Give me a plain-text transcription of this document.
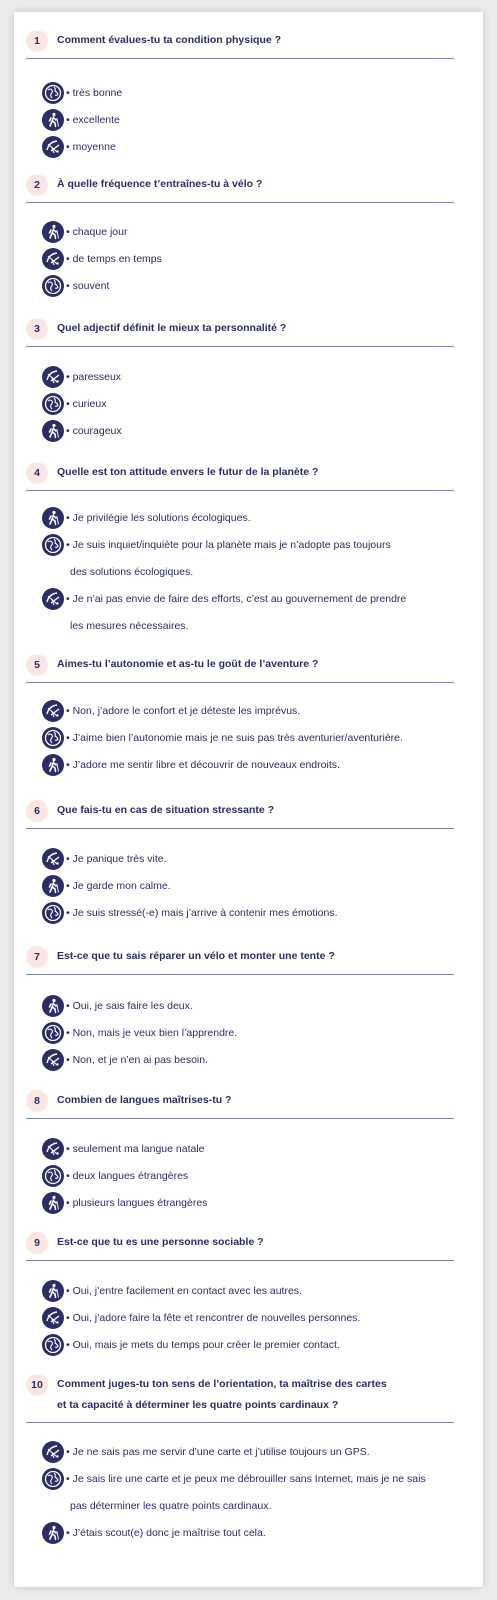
1	Comment évalues-tu ta condition physique ?
• très bonne
• excellente
• moyenne
2	À quelle fréquence t’entraînes-tu à vélo ?
• chaque jour
• de temps en temps
• souvent
3	Quel adjectif définit le mieux ta personnalité ?
• paresseux
• curieux
• courageux
4	Quelle est ton attitude envers le futur de la planète ?
• Je privilégie les solutions écologiques.
• Je suis inquiet/inquiète pour la planète mais je n’adopte pas toujours
des solutions écologiques.
• Je n’ai pas envie de faire des efforts, c’est au gouvernement de prendre
les mesures nécessaires.
5	Aimes-tu l’autonomie et as-tu le goût de l’aventure ?
• Non, j’adore le confort et je déteste les imprévus.
• J’aime bien l’autonomie mais je ne suis pas très aventurier/aventurière.
• J’adore me sentir libre et découvrir de nouveaux endroits.
6	Que fais-tu en cas de situation stressante ?
• Je panique très vite.
• Je garde mon calme.
• Je suis stressé(-e) mais j’arrive à contenir mes émotions.
7	Est-ce que tu sais réparer un vélo et monter une tente ?
• Oui, je sais faire les deux.
• Non, mais je veux bien l’apprendre.
• Non, et je n’en ai pas besoin.
8	Combien de langues maîtrises-tu ?
• seulement ma langue natale
• deux langues étrangères
• plusieurs langues étrangères
9	Est-ce que tu es une personne sociable ?
• Oui, j’entre facilement en contact avec les autres.
• Oui, j’adore faire la fête et rencontrer de nouvelles personnes.
• Oui, mais je mets du temps pour créer le premier contact.
10	Comment juges-tu ton sens de l’orientation, ta maîtrise des cartes
et ta capacité à déterminer les quatre points cardinaux ?
• Je ne sais pas me servir d’une carte et j’utilise toujours un GPS.
• Je sais lire une carte et je peux me débrouiller sans Internet, mais je ne sais
pas déterminer les quatre points cardinaux.
• J’étais scout(e) donc je maîtrise tout cela.
